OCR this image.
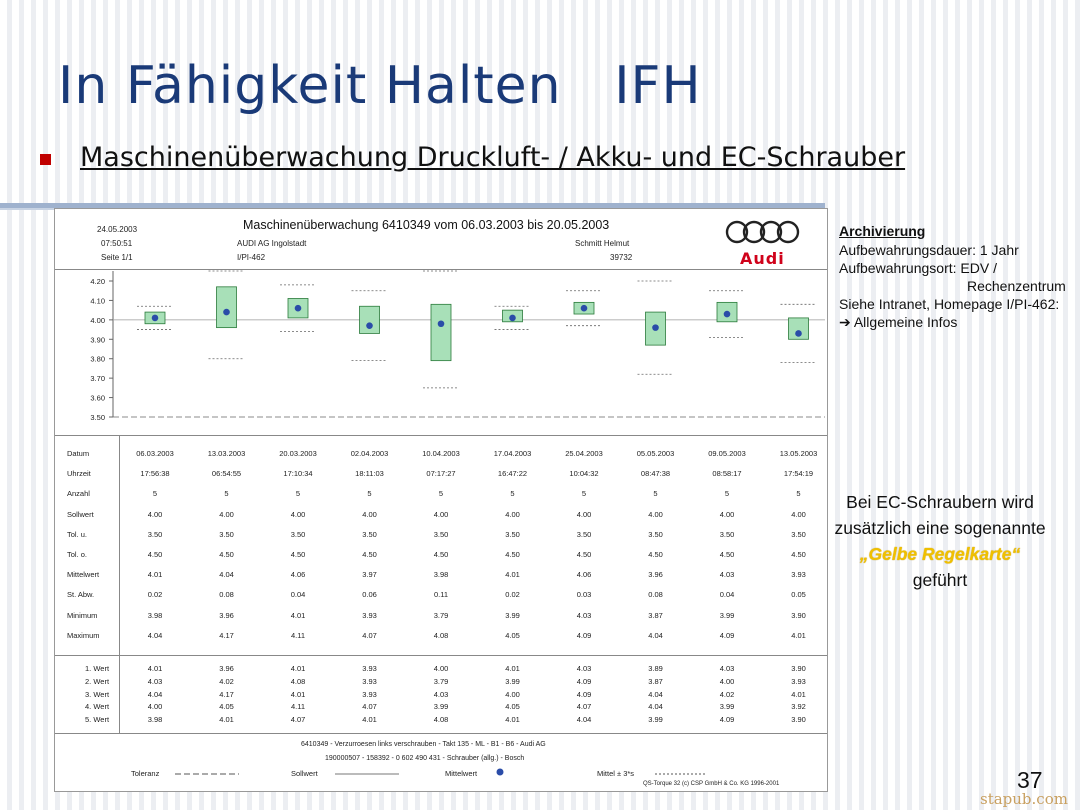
In Fähigkeit Halten   IFH

Maschinenüberwachung Druckluft- / Akku- und EC-Schrauber

24.05.2003
07:50:51
Seite 1/1
Maschinenüberwachung 6410349 vom 06.03.2003 bis 20.05.2003
AUDI AG Ingolstadt
I/PI-462
Schmitt Helmut
39732	Audi
4.20
4.10
4.00
3.90
3.80
3.70
3.60
3.50
Datum	06.03.2003	13.03.2003	20.03.2003	02.04.2003	10.04.2003	17.04.2003	25.04.2003	05.05.2003	09.05.2003	13.05.2003
Uhrzeit	17:56:38	06:54:55	17:10:34	18:11:03	07:17:27	16:47:22	10:04:32	08:47:38	08:58:17	17:54:19
Anzahl	5	5	5	5	5	5	5	5	5	5
Sollwert	4.00	4.00	4.00	4.00	4.00	4.00	4.00	4.00	4.00	4.00
Tol. u.	3.50	3.50	3.50	3.50	3.50	3.50	3.50	3.50	3.50	3.50
Tol. o.	4.50	4.50	4.50	4.50	4.50	4.50	4.50	4.50	4.50	4.50
Mittelwert	4.01	4.04	4.06	3.97	3.98	4.01	4.06	3.96	4.03	3.93
St. Abw.	0.02	0.08	0.04	0.06	0.11	0.02	0.03	0.08	0.04	0.05
Minimum	3.98	3.96	4.01	3.93	3.79	3.99	4.03	3.87	3.99	3.90
Maximum	4.04	4.17	4.11	4.07	4.08	4.05	4.09	4.04	4.09	4.01
1. Wert	4.01	3.96	4.01	3.93	4.00	4.01	4.03	3.89	4.03	3.90
2. Wert	4.03	4.02	4.08	3.93	3.79	3.99	4.09	3.87	4.00	3.93
3. Wert	4.04	4.17	4.01	3.93	4.03	4.00	4.09	4.04	4.02	4.01
4. Wert	4.00	4.05	4.11	4.07	3.99	4.05	4.07	4.04	3.99	3.92
5. Wert	3.98	4.01	4.07	4.01	4.08	4.01	4.04	3.99	4.09	3.90
6410349 - Verzurroesen links verschrauben - Takt 135 - ML - B1 - B6 - Audi AG
190000507 - 158392 - 0 602 490 431 - Schrauber (allg.) - Bosch
Toleranz	Sollwert	Mittelwert	Mittel ± 3*s
QS-Torque 32 (c) CSP GmbH & Co. KG 1996-2001
Archivierung
Aufbewahrungsdauer: 1 Jahr
Aufbewahrungsort: EDV /
Rechenzentrum
Siehe Intranet, Homepage I/PI-462:
➔ Allgemeine Infos
Bei EC-Schraubern wird
zusätzlich eine sogenannte
„Gelbe Regelkarte“
geführt
37
stapub.com
